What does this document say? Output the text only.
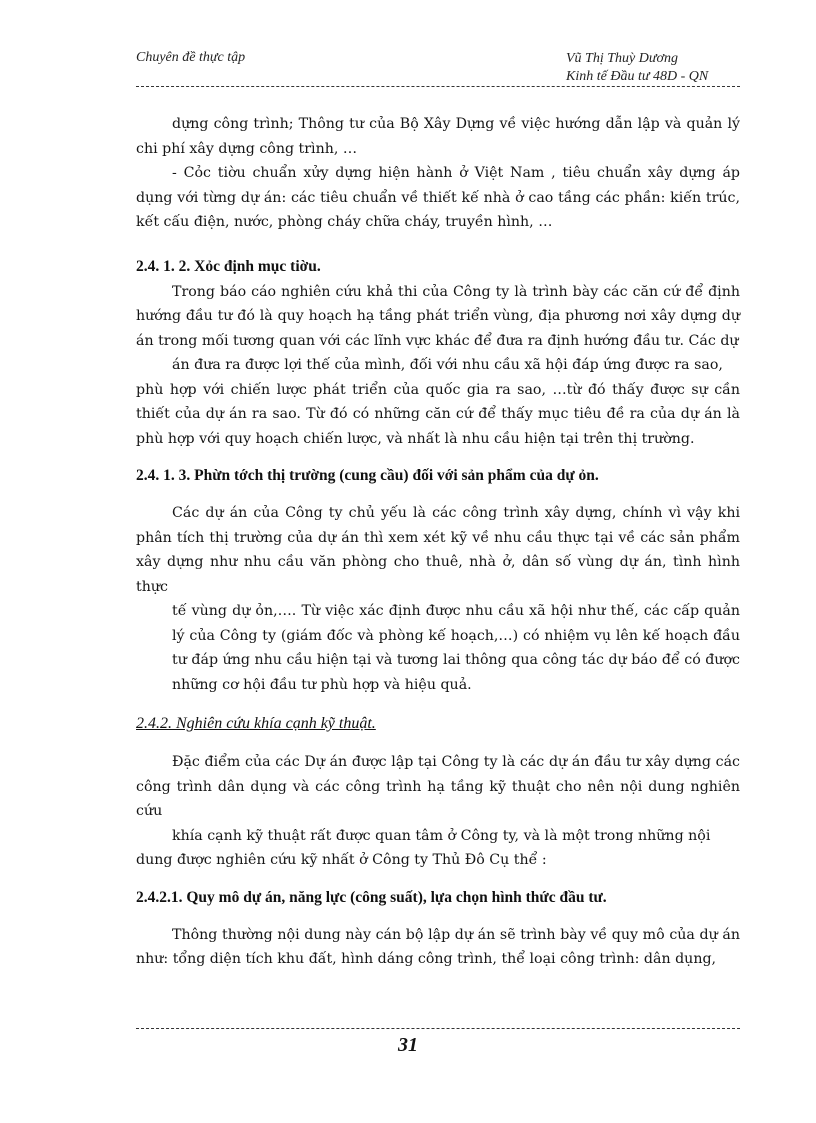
Chuyên đề thực tập	Vũ Thị Thuỳ Dương
Kinh tế Đầu tư 48D - QN

dựng công trình; Thông tư của Bộ Xây Dựng về việc hướng dẫn lập và quản lý chi phí xây dựng công trình, …

- Cỏc tiờu chuẩn xửy dựng hiện hành ở Việt Nam , tiêu chuẩn xây dựng áp dụng với từng dự án: các tiêu chuẩn về thiết kế nhà ở cao tầng các phần: kiến trúc, kết cấu điện, nước, phòng cháy chữa cháy, truyền hình, …

2.4. 1. 2. Xỏc định mục tiờu.

Trong báo cáo nghiên cứu khả thi của Công ty là trình bày các căn cứ để định hướng đầu tư đó là quy hoạch hạ tầng phát triển vùng, địa phương nơi xây dựng dự án trong mối tương quan với các lĩnh vực khác để đưa ra định hướng đầu tư. Các dự

án đưa ra được lợi thế của mình, đối với nhu cầu xã hội đáp ứng được ra sao,

phù hợp với chiến lược phát triển của quốc gia ra sao, …từ đó thấy được sự cần thiết của dự án ra sao. Từ đó có những căn cứ để thấy mục tiêu đề ra của dự án là phù hợp với quy hoạch chiến lược, và nhất là nhu cầu hiện tại trên thị trường.

2.4. 1. 3. Phừn tớch thị trường (cung cầu) đối với sản phẩm của dự ỏn.

Các dự án của Công ty chủ yếu là các công trình xây dựng, chính vì vậy khi phân tích thị trường của dự án thì xem xét kỹ về nhu cầu thực tại về các sản phẩm xây dựng như nhu cầu văn phòng cho thuê, nhà ở, dân số vùng dự án, tình hình thực

tế vùng dự ỏn,…. Từ việc xác định được nhu cầu xã hội như thế, các cấp quản lý của Công ty (giám đốc và phòng kế hoạch,…) có nhiệm vụ lên kế hoạch đầu tư đáp ứng nhu cầu hiện tại và tương lai thông qua công tác dự báo để có được những cơ hội đầu tư phù hợp và hiệu quả.

2.4.2. Nghiên cứu khía cạnh kỹ thuật.

Đặc điểm của các Dự án được lập tại Công ty là các dự án đầu tư xây dựng các công trình dân dụng và các công trình hạ tầng kỹ thuật cho nên nội dung nghiên cứu

khía cạnh kỹ thuật rất được quan tâm ở Công ty, và là một trong những nội

dung được nghiên cứu kỹ nhất ở Công ty Thủ Đô Cụ thể :

2.4.2.1. Quy mô dự án, năng lực (công suất), lựa chọn hình thức đầu tư.

Thông thường nội dung này cán bộ lập dự án sẽ trình bày về quy mô của dự án như: tổng diện tích khu đất, hình dáng công trình, thể loại công trình: dân dụng,

31
